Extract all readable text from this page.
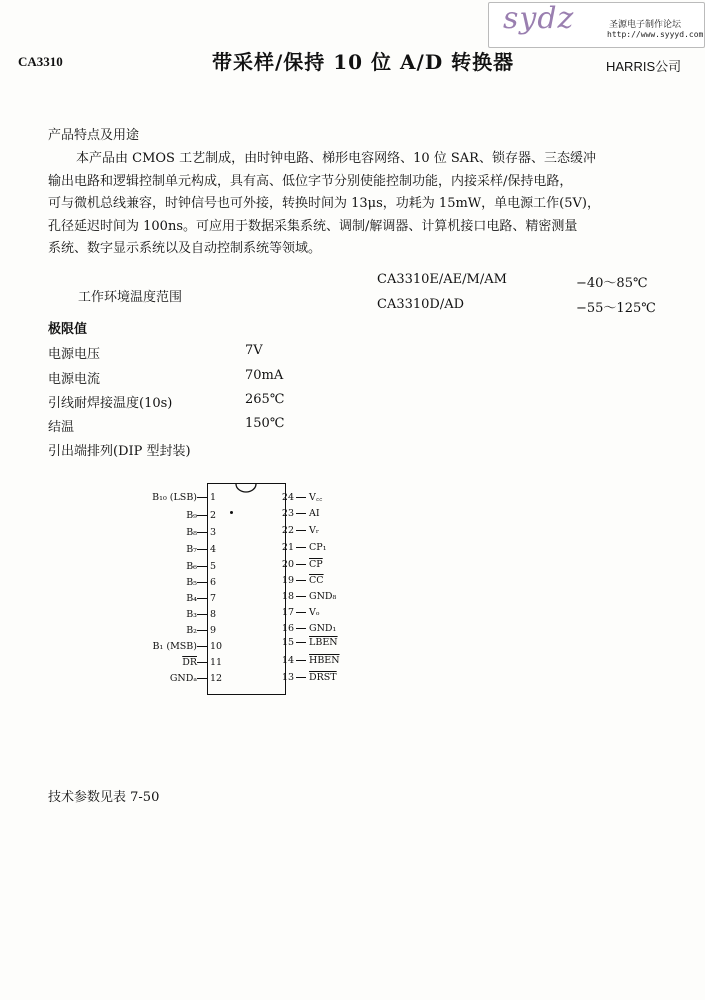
CA3310	带采样/保持 10 位 A/D 转换器	HARRIS公司
sydz	圣源电子制作论坛
http://www.syyyd.com
产品特点及用途

本产品由 CMOS 工艺制成，由时钟电路、梯形电容网络、10 位 SAR、锁存器、三态缓冲

输出电路和逻辑控制单元构成，具有高、低位字节分别使能控制功能，内接采样/保持电路，

可与微机总线兼容，时钟信号也可外接，转换时间为 13μs，功耗为 15mW，单电源工作(5V)，

孔径延迟时间为 100ns。可应用于数据采集系统、调制/解调器、计算机接口电路、精密测量

系统、数字显示系统以及自动控制系统等领域。

工作环境温度范围
CA3310E/AE/M/AM	−40～85℃
CA3310D/AD	−55～125℃
极限值
电源电压	7V
电源电流	70mA
引线耐焊接温度(10s)	265℃
结温	150℃
引出端排列(DIP 型封装)
B₁₀ (LSB) 1
B₉ 2
B₈ 3
B₇ 4
B₆ 5
B₅ 6
B₄ 7
B₃ 8
B₂ 9
B₁ (MSB) 10
$\overline{DR}$ 11
GNDₐ 12
24 V꜀꜀
23 AI
22 Vᵣ
21 CP₁
20 $\overline{CP}$
19 $\overline{CC}$
18 GND₈
17 Vₒ
16 GND₁
15 LBEN
14 HBEN
13 DRST
技术参数见表 7-50
